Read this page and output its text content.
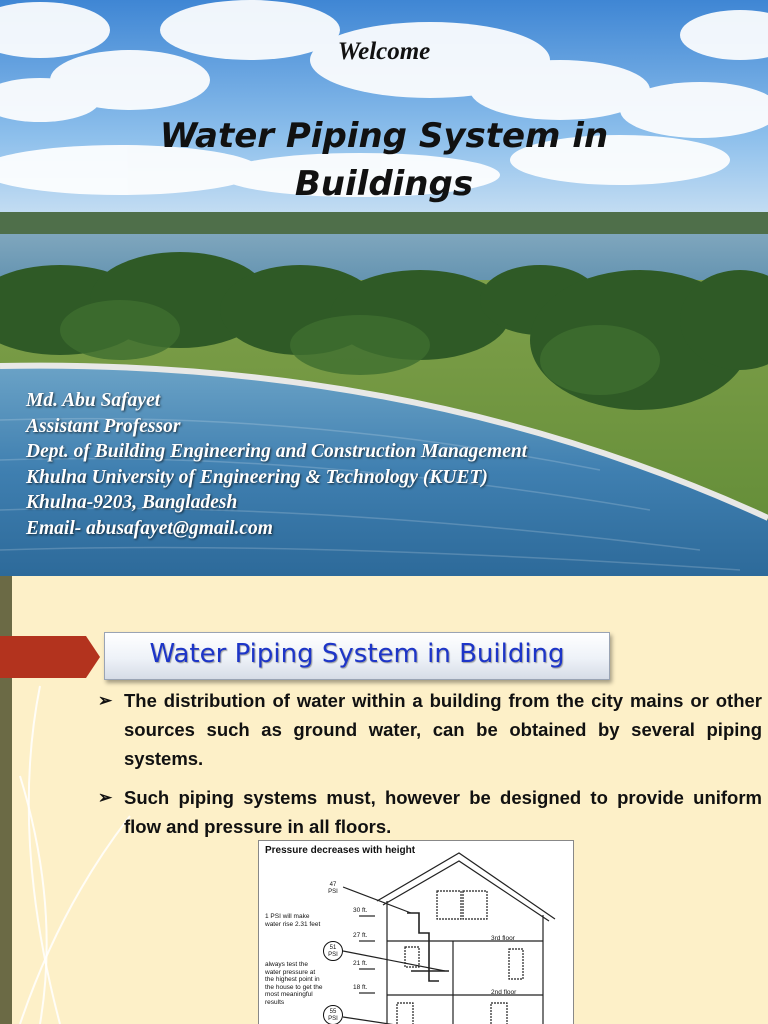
Welcome
Water Piping System in
Buildings
Md. Abu Safayet
Assistant Professor
Dept. of Building Engineering and Construction Management
Khulna University of Engineering & Technology (KUET)
Khulna-9203, Bangladesh
Email- abusafayet@gmail.com
Water Piping System in Building
➢ The distribution of water within a building from the city mains or other sources such as ground water, can be obtained by several piping systems.
➢ Such piping systems must, however be designed to provide uniform flow and pressure in all floors.
Pressure decreases with height
47
PSI
51
PSI
55
PSI
1 PSI will make water rise 2.31 feet
always test the water pressure at the highest point in the house to get the most meaningful results
30 ft.
27 ft.
21 ft.
18 ft.
3rd floor
2nd floor
